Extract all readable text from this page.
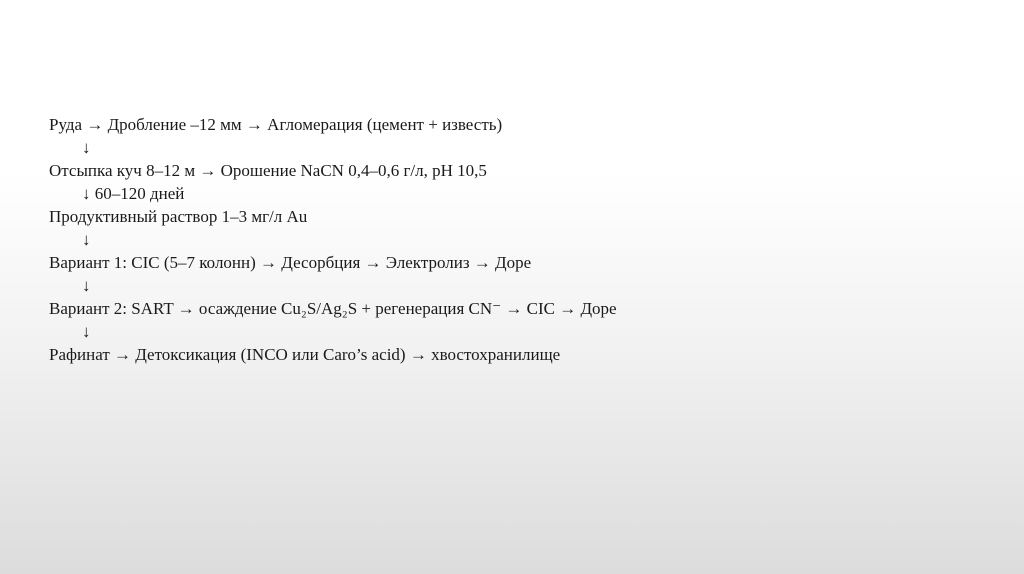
Руда → Дробление –12 мм → Агломерация (цемент + известь)
↓
Отсыпка куч 8–12 м → Орошение NaCN 0,4–0,6 г/л, pH 10,5
↓ 60–120 дней
Продуктивный раствор 1–3 мг/л Au
↓
Вариант 1: CIC (5–7 колонн) → Десорбция → Электролиз → Доре
↓
Вариант 2: SART → осаждение Cu₂S/Ag₂S + регенерация CN⁻ → CIC → Доре
↓
Рафинат → Детоксикация (INCO или Caro’s acid) → хвостохранилище
